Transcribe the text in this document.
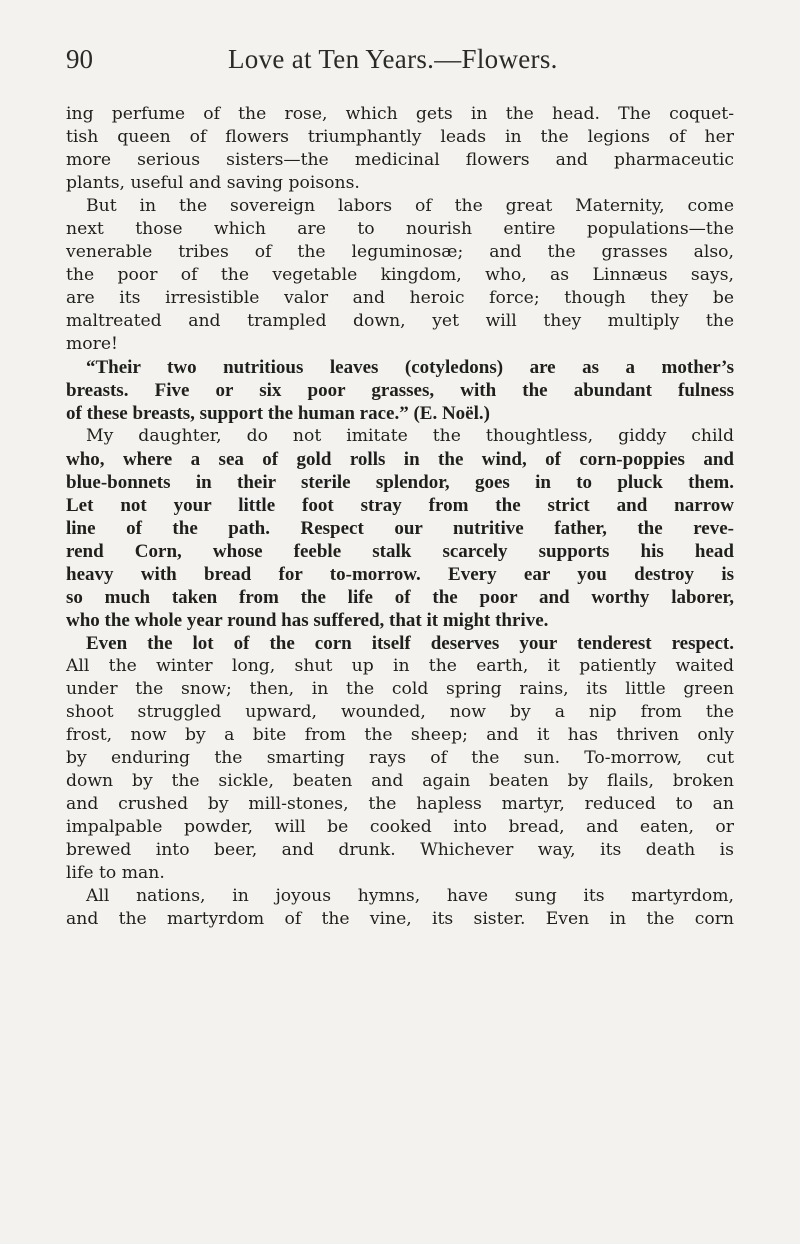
90	Love at Ten Years.—Flowers.
ing perfume of the rose, which gets in the head. The coquet-
tish queen of flowers triumphantly leads in the legions of her
more serious sisters—the medicinal flowers and pharmaceutic
plants, useful and saving poisons.
But in the sovereign labors of the great Maternity, come
next those which are to nourish entire populations—the
venerable tribes of the leguminosæ; and the grasses also,
the poor of the vegetable kingdom, who, as Linnæus says,
are its irresistible valor and heroic force; though they be
maltreated and trampled down, yet will they multiply the
more!
“Their two nutritious leaves (cotyledons) are as a mother’s
breasts. Five or six poor grasses, with the abundant fulness
of these breasts, support the human race.” (E. Noël.)
My daughter, do not imitate the thoughtless, giddy child
who, where a sea of gold rolls in the wind, of corn-poppies and
blue-bonnets in their sterile splendor, goes in to pluck them.
Let not your little foot stray from the strict and narrow
line of the path. Respect our nutritive father, the reve-
rend Corn, whose feeble stalk scarcely supports his head
heavy with bread for to-morrow. Every ear you destroy is
so much taken from the life of the poor and worthy laborer,
who the whole year round has suffered, that it might thrive.
Even the lot of the corn itself deserves your tenderest respect.
All the winter long, shut up in the earth, it patiently waited
under the snow; then, in the cold spring rains, its little green
shoot struggled upward, wounded, now by a nip from the
frost, now by a bite from the sheep; and it has thriven only
by enduring the smarting rays of the sun. To-morrow, cut
down by the sickle, beaten and again beaten by flails, broken
and crushed by mill-stones, the hapless martyr, reduced to an
impalpable powder, will be cooked into bread, and eaten, or
brewed into beer, and drunk. Whichever way, its death is
life to man.
All nations, in joyous hymns, have sung its martyrdom,
and the martyrdom of the vine, its sister. Even in the corn
